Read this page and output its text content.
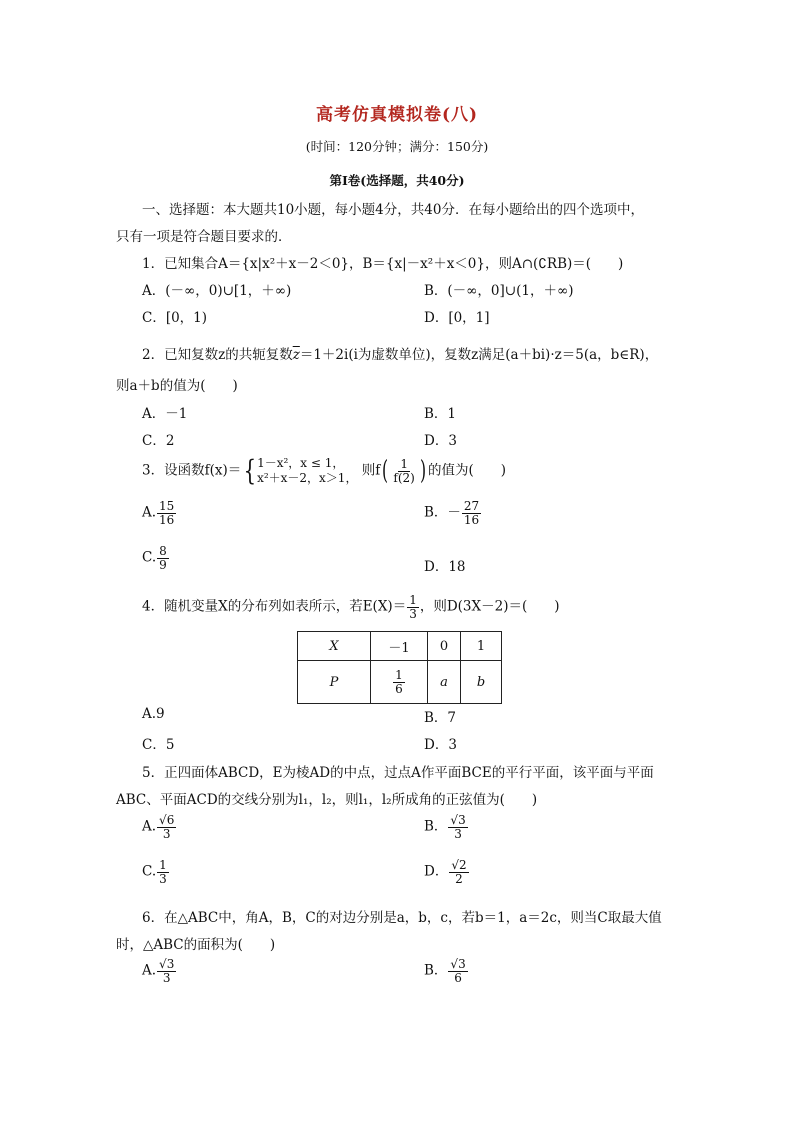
高考仿真模拟卷(八)
(时间：120分钟；满分：150分)
第Ⅰ卷(选择题，共40分)
一、选择题：本大题共10小题，每小题4分，共40分．在每小题给出的四个选项中，
只有一项是符合题目要求的．
1．已知集合A＝{x|x²＋x－2＜0}，B＝{x|－x²＋x＜0}，则A∩(∁RB)＝(　　)
A．(－∞，0)∪[1，＋∞)	B．(－∞，0]∪(1，＋∞)
C．[0，1)	D．[0，1]
2．已知复数z的共轭复数$\overline{z}=1+2i(i$为虚数单位)，复数z满足(a＋bi)·z＝5(a，b∈R)，
则a＋b的值为(　　)
A．－1	B．1
C．2	D．3
3．设函数f(x)＝{ 1－x²，x ≤ 1，
x²＋x－2，x＞1， 则$f( \frac{1}{f(2)}$ ) 的值为(　　)
A. $\frac{15}{16}$	B．－ $\frac{27}{16}$
C. $\frac{8}{9}$	D．18
4．随机变量X的分布列如表所示，若$E(X)= \frac{1}{3}$ ，则D(3X－2)＝(　　)
X	－1	0	1
P	$\frac{1}{6}$	a	b
A.9	B．7
C．5	D．3
5．正四面体ABCD，E为棱AD的中点，过点A作平面BCE的平行平面，该平面与平面
ABC、平面ACD的交线分别为l₁，l₂，则l₁，l₂所成角的正弦值为(　　)
A. $\frac{√6}{3}$	B． $\frac{√3}{3}$
C. $\frac{1}{3}$	D． $\frac{√2}{2}$
6．在△ABC中，角A，B，C的对边分别是a，b，c，若b＝1，a＝2c，则当C取最大值
时，△ABC的面积为(　　)
A. $\frac{√3}{3}$	B． $\frac{√3}{6}$
